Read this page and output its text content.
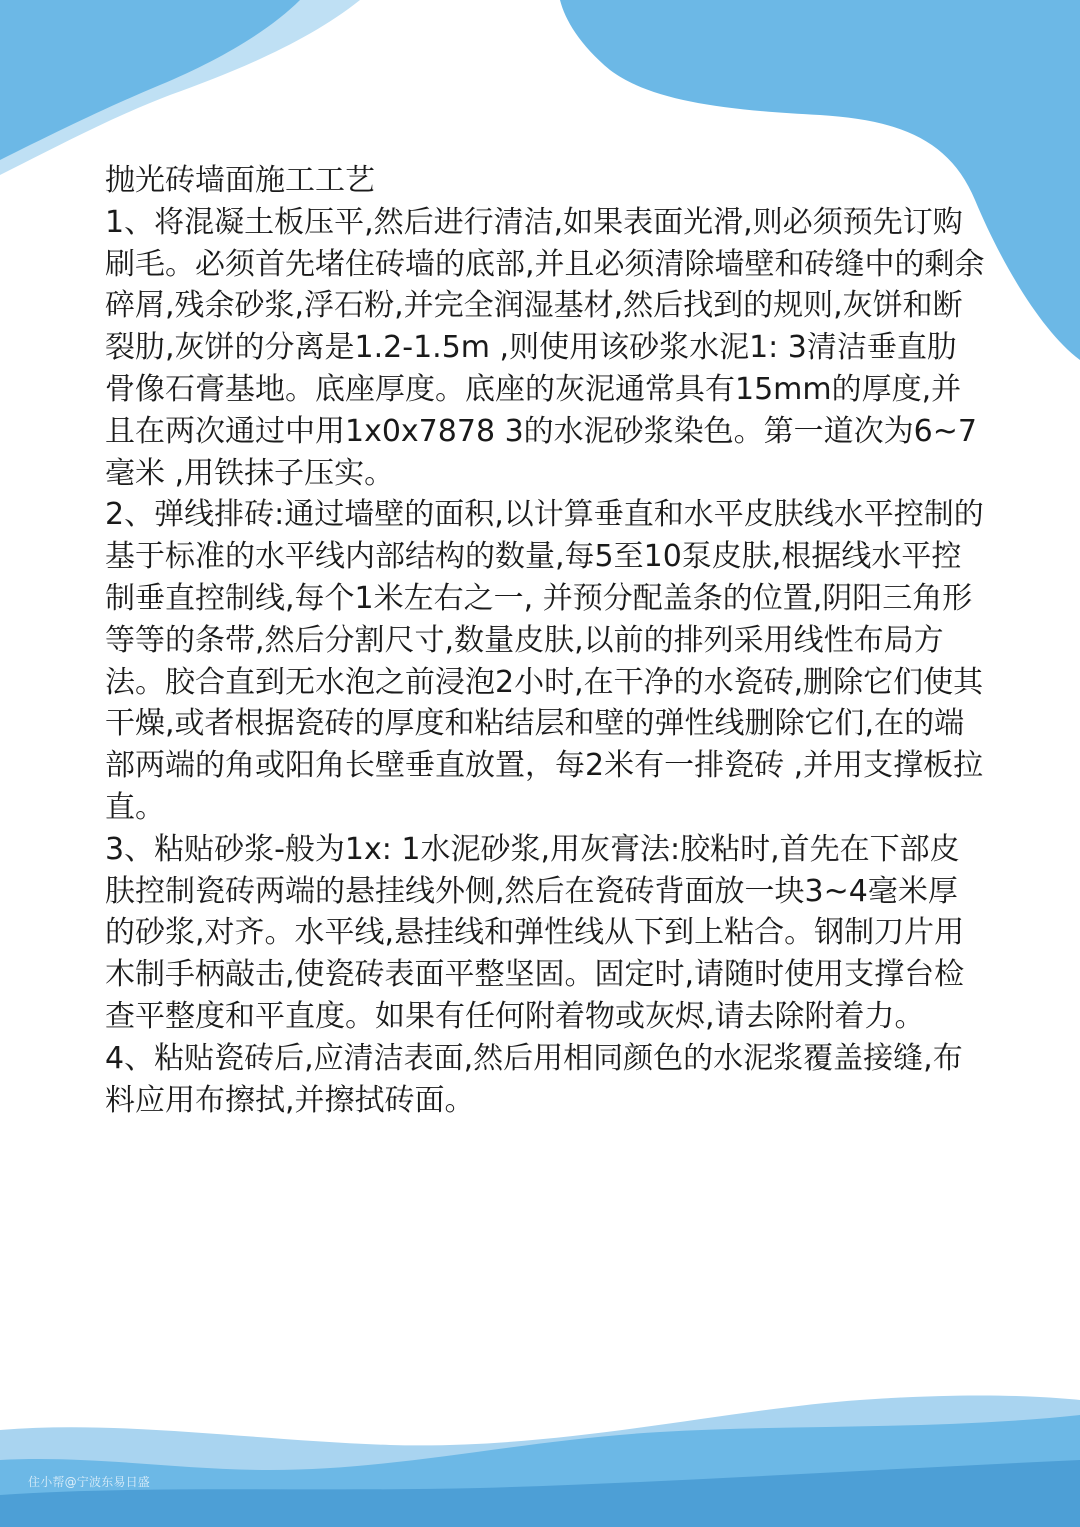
抛光砖墙面施工工艺

1、将混凝土板压平,然后进行清洁,如果表面光滑,则必须预先订购刷毛。必须首先堵住砖墙的底部,并且必须清除墙壁和砖缝中的剩余碎屑,残余砂浆,浮石粉,并完全润湿基材,然后找到的规则,灰饼和断裂肋,灰饼的分离是1.2-1.5m ,则使用该砂浆水泥1: 3清洁垂直肋骨像石膏基地。底座厚度。底座的灰泥通常具有15mm的厚度,并且在两次通过中用1x0x7878 3的水泥砂浆染色。第一道次为6~7毫米 ,用铁抹子压实。

2、弹线排砖:通过墙壁的面积,以计算垂直和水平皮肤线水平控制的基于标准的水平线内部结构的数量,每5至10泵皮肤,根据线水平控制垂直控制线,每个1米左右之一, 并预分配盖条的位置,阴阳三角形等等的条带,然后分割尺寸,数量皮肤,以前的排列采用线性布局方法。胶合直到无水泡之前浸泡2小时,在干净的水瓷砖,删除它们使其干燥,或者根据瓷砖的厚度和粘结层和壁的弹性线删除它们,在的端部两端的角或阳角长壁垂直放置，每2米有一排瓷砖 ,并用支撑板拉直。

3、粘贴砂浆-般为1x: 1水泥砂浆,用灰膏法:胶粘时,首先在下部皮肤控制瓷砖两端的悬挂线外侧,然后在瓷砖背面放一块3~4毫米厚的砂浆,对齐。水平线,悬挂线和弹性线从下到上粘合。钢制刀片用木制手柄敲击,使瓷砖表面平整坚固。固定时,请随时使用支撑台检查平整度和平直度。如果有任何附着物或灰烬,请去除附着力。

4、粘贴瓷砖后,应清洁表面,然后用相同颜色的水泥浆覆盖接缝,布料应用布擦拭,并擦拭砖面。

住小帮@宁波东易日盛
